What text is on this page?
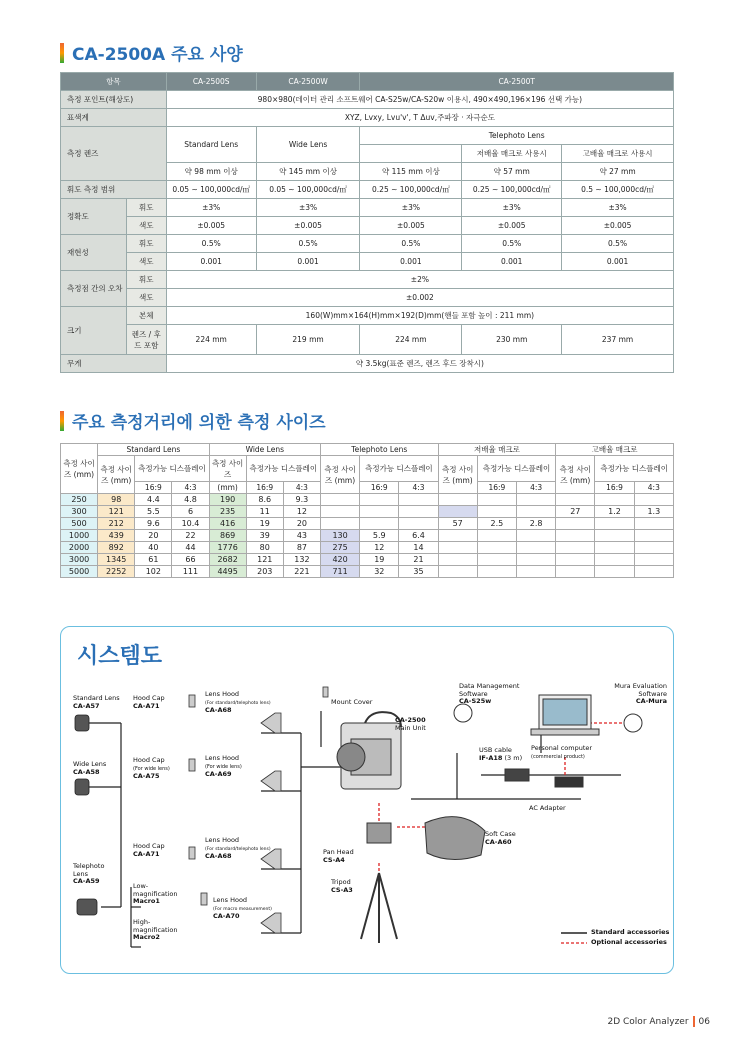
CA-2500A 주요 사양
항목		CA-2500S	CA-2500W	CA-2500T		
측정 포인트(해상도)		980×980(데이터 관리 소프트웨어 CA-S25w/CA-S20w 이용시, 490×490,196×196 선택 가능)				
표색계		XYZ, Lvxy, Lvu'v', T Δuv,주파장 · 자극순도				
측정 렌즈		Standard Lens	Wide Lens	Telephoto Lens		
					저배율 매크로 사용시	고배율 매크로 사용시
		약 98 mm 이상	약 145 mm 이상	약 115 mm 이상	약 57 mm	약 27 mm
휘도 측정 범위		0.05 ~ 100,000cd/㎡	0.05 ~ 100,000cd/㎡	0.25 ~ 100,000cd/㎡	0.25 ~ 100,000cd/㎡	0.5 ~ 100,000cd/㎡
정확도	휘도	±3%	±3%	±3%	±3%	±3%
	색도	±0.005	±0.005	±0.005	±0.005	±0.005
재현성	휘도	0.5%	0.5%	0.5%	0.5%	0.5%
	색도	0.001	0.001	0.001	0.001	0.001
측정점 간의 오차	휘도	±2%				
	색도	±0.002				
크기	본체	160(W)mm×164(H)mm×192(D)mm(핸들 포함 높이 : 211 mm)				
	렌즈 / 후드 포함	224 mm	219 mm	224 mm	230 mm	237 mm
무게		약 3.5kg(표준 렌즈, 렌즈 후드 장착시)				
주요 측정거리에 의한 측정 사이즈
측정 사이즈 (mm)	Standard Lens			Wide Lens			Telephoto Lens			저배율 매크로			고배율 매크로		
	측정 사이즈 (mm)	측정가능 디스플레이		측정 사이즈	측정가능 디스플레이		측정 사이즈 (mm)	측정가능 디스플레이		측정 사이즈 (mm)	측정가능 디스플레이		측정 사이즈 (mm)	측정가능 디스플레이	
		16:9	4:3	(mm)	16:9	4:3		16:9	4:3		16:9	4:3		16:9	4:3
250	98	4.4	4.8	190	8.6	9.3									
300	121	5.5	6	235	11	12							27	1.2	1.3
500	212	9.6	10.4	416	19	20				57	2.5	2.8			
1000	439	20	22	869	39	43	130	5.9	6.4						
2000	892	40	44	1776	80	87	275	12	14						
3000	1345	61	66	2682	121	132	420	19	21						
5000	2252	102	111	4495	203	221	711	32	35						
시스템도
Standard Lens
CA-A57
Hood Cap
CA-A71
Lens Hood
(For standard/telephoto lens)
CA-A68
Wide Lens
CA-A58
Hood Cap
(For wide lens)
CA-A75
Lens Hood
(For wide lens)
CA-A69
Hood Cap
CA-A71
Lens Hood
(For standard/telephoto lens)
CA-A68
Telephoto Lens
CA-A59
Low-magnification
Macro1
High-magnification
Macro2
Lens Hood
(For macro measurement)
CA-A70
Mount Cover
CA-2500
Main Unit
Pan Head
CS-A4
Tripod
CS-A3
Data Management Software
CA-S25w
Mura Evaluation Software
CA-Mura
USB cable
IF-A18 (3 m)
Personal computer
(commercial product)
AC Adapter
Soft Case
CA-A60
Standard accessories
Optional accessories
2D Color Analyzer 06
